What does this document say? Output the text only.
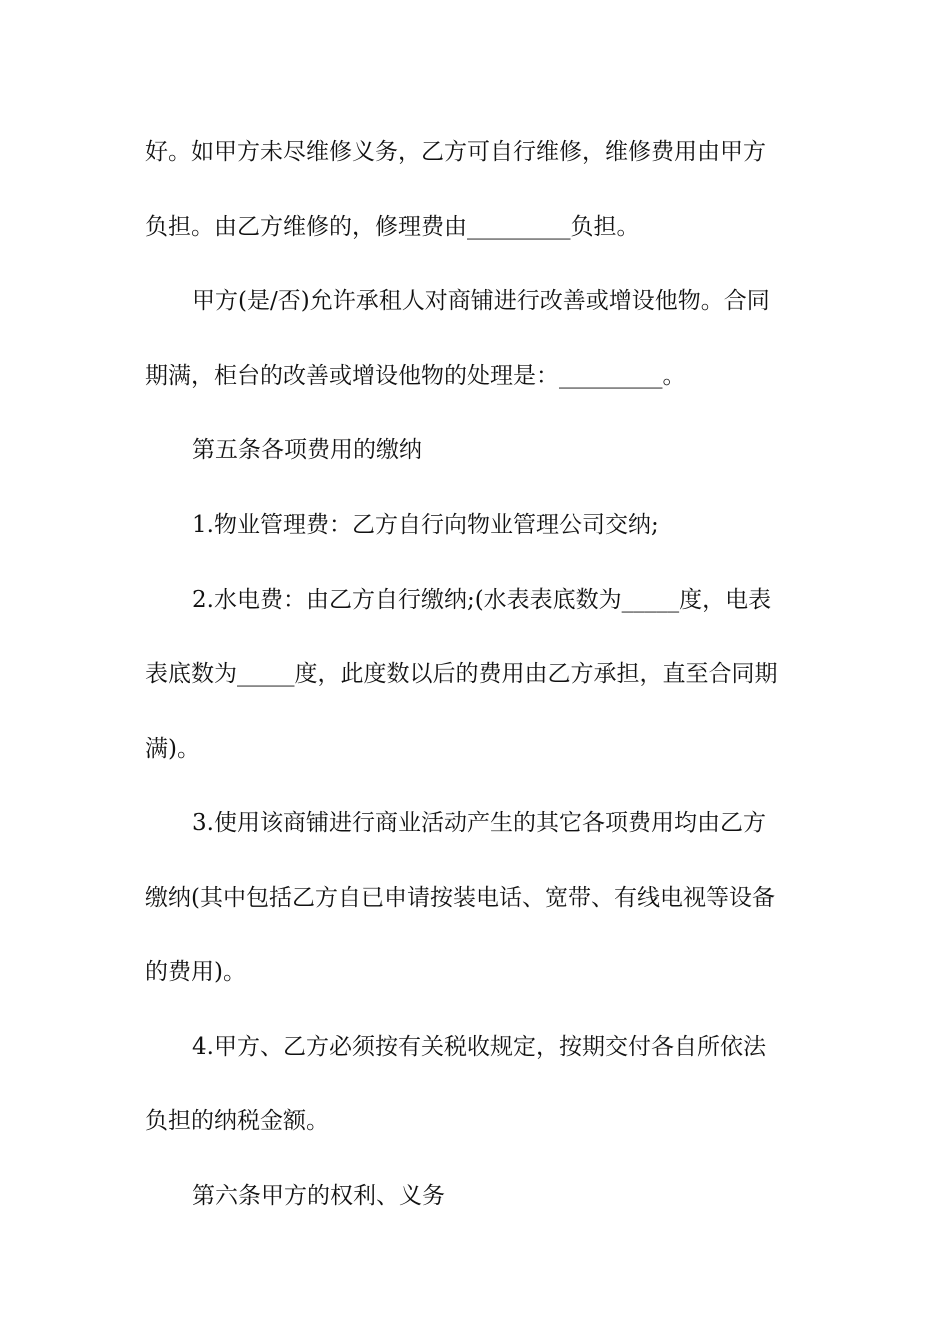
好。如甲方未尽维修义务，乙方可自行维修，维修费用由甲方
负担。由乙方维修的，修理费由_________负担。
甲方(是/否)允许承租人对商铺进行改善或增设他物。合同
期满，柜台的改善或增设他物的处理是：_________。
第五条各项费用的缴纳
1.物业管理费：乙方自行向物业管理公司交纳;
2.水电费：由乙方自行缴纳;(水表表底数为_____度，电表
表底数为_____度，此度数以后的费用由乙方承担，直至合同期
满)。
3.使用该商铺进行商业活动产生的其它各项费用均由乙方
缴纳(其中包括乙方自已申请按装电话、宽带、有线电视等设备
的费用)。
4.甲方、乙方必须按有关税收规定，按期交付各自所依法
负担的纳税金额。
第六条甲方的权利、义务
